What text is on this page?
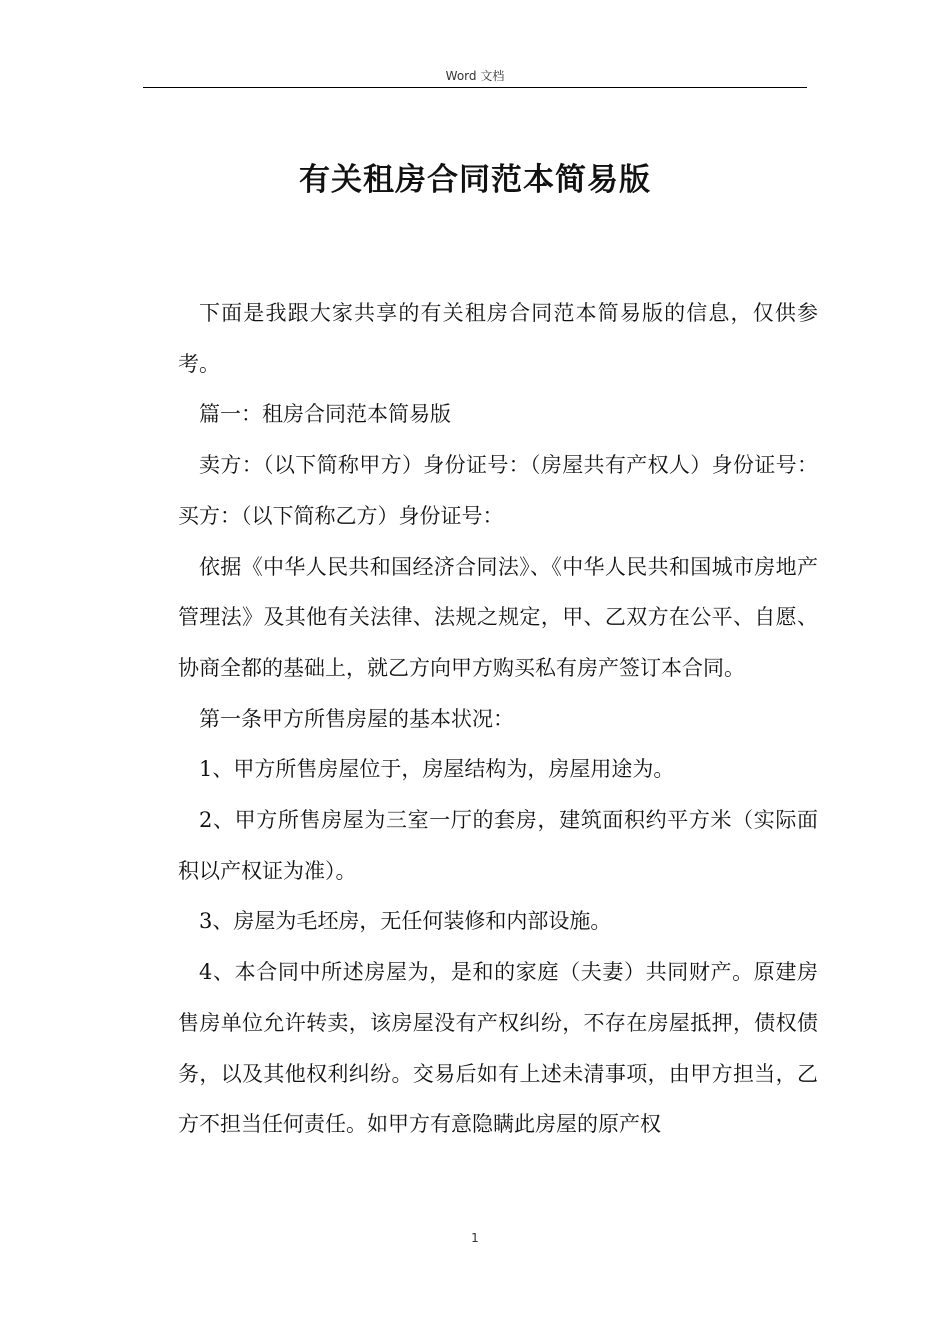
Word 文档
有关租房合同范本简易版

下面是我跟大家共享的有关租房合同范本简易版的信息，仅供参考。

篇一：租房合同范本简易版

卖方：（以下简称甲方）身份证号：（房屋共有产权人）身份证号：买方：（以下简称乙方）身份证号：

依据《中华人民共和国经济合同法》、《中华人民共和国城市房地产管理法》及其他有关法律、法规之规定，甲、乙双方在公平、自愿、协商全都的基础上，就乙方向甲方购买私有房产签订本合同。

第一条甲方所售房屋的基本状况：

1、甲方所售房屋位于，房屋结构为，房屋用途为。

2、甲方所售房屋为三室一厅的套房，建筑面积约平方米（实际面积以产权证为准）。

3、房屋为毛坯房，无任何装修和内部设施。

4、本合同中所述房屋为，是和的家庭（夫妻）共同财产。原建房售房单位允许转卖，该房屋没有产权纠纷，不存在房屋抵押，债权债务，以及其他权利纠纷。交易后如有上述未清事项，由甲方担当，乙方不担当任何责任。如甲方有意隐瞒此房屋的原产权

1
